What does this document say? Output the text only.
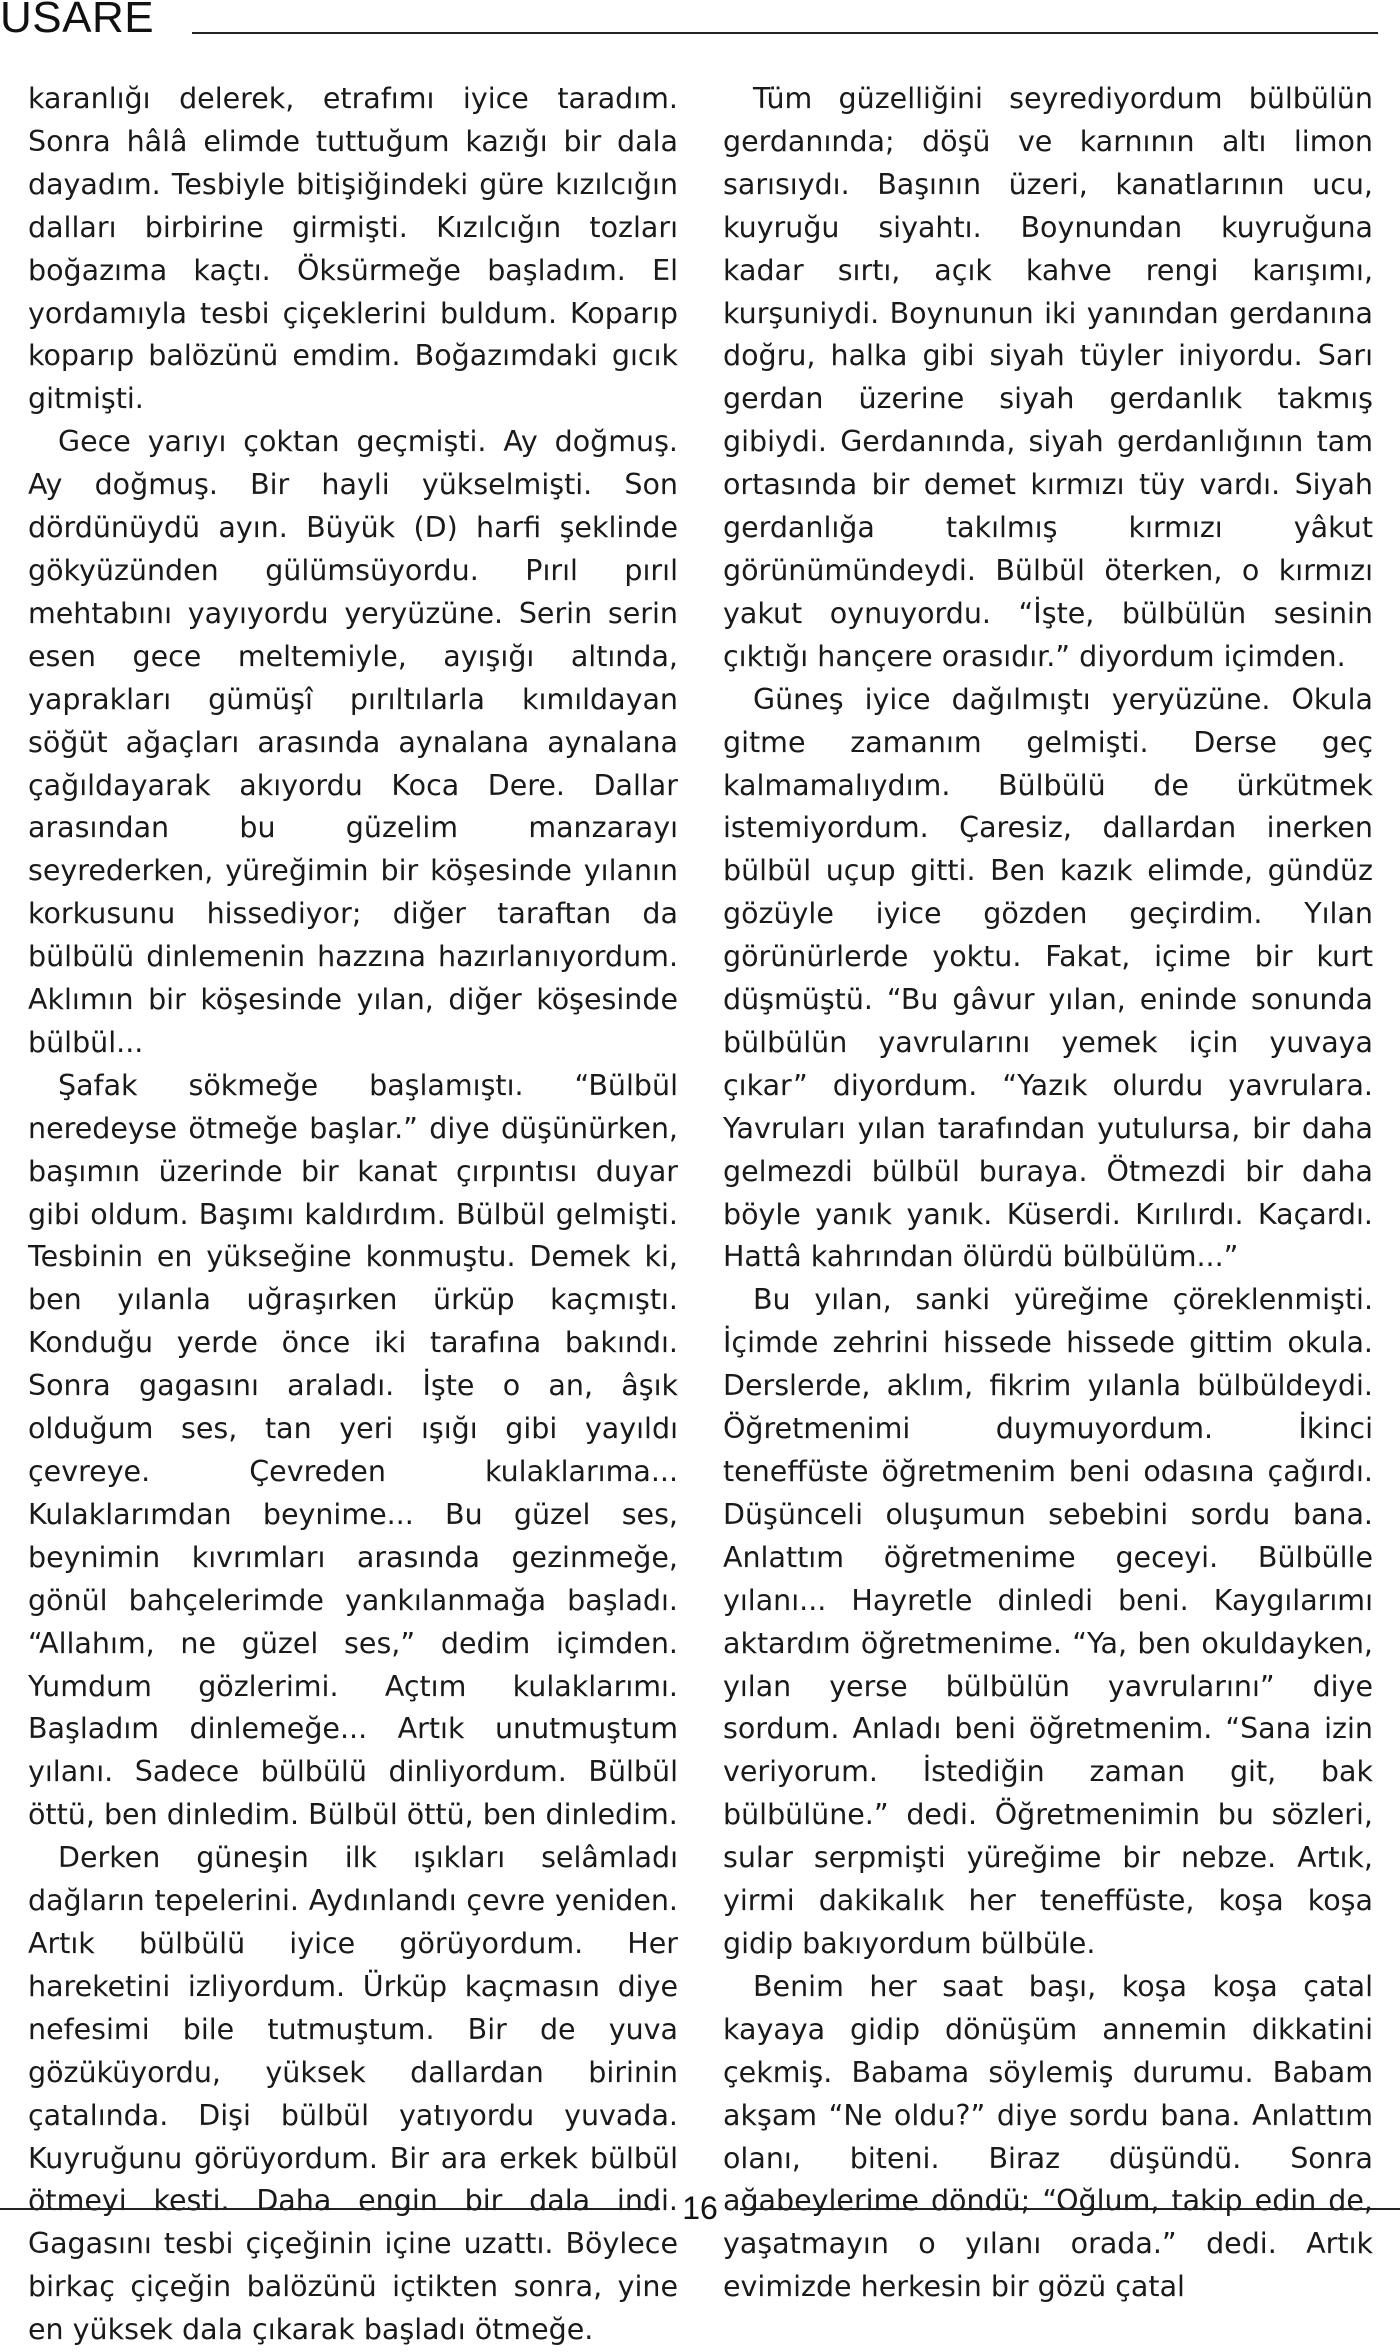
USARE

karanlığı delerek, etrafımı iyice taradım. Sonra hâlâ elimde tuttuğum kazığı bir dala dayadım. Tesbiyle bitişiğindeki güre kızılcığın dalları birbirine girmişti. Kızılcığın tozları boğazıma kaçtı. Öksürmeğe başladım. El yordamıyla tesbi çiçeklerini buldum. Koparıp koparıp balözünü emdim. Boğazımdaki gıcık gitmişti.

Gece yarıyı çoktan geçmişti. Ay doğmuş. Ay doğmuş. Bir hayli yükselmişti. Son dördünüydü ayın. Büyük (D) harfi şeklinde gökyüzünden gülümsüyordu. Pırıl pırıl mehtabını yayıyordu yeryüzüne. Serin serin esen gece meltemiyle, ayışığı altında, yaprakları gümüşî pırıltılarla kımıldayan söğüt ağaçları arasında aynalana aynalana çağıldayarak akıyordu Koca Dere. Dallar arasından bu güzelim manzarayı seyrederken, yüreğimin bir köşesinde yılanın korkusunu hissediyor; diğer taraftan da bülbülü dinlemenin hazzına hazırlanıyordum. Aklımın bir köşesinde yılan, diğer köşesinde bülbül...

Şafak sökmeğe başlamıştı. “Bülbül neredeyse ötmeğe başlar.” diye düşünürken, başımın üzerinde bir kanat çırpıntısı duyar gibi oldum. Başımı kaldırdım. Bülbül gelmişti. Tesbinin en yükseğine konmuştu. Demek ki, ben yılanla uğraşırken ürküp kaçmıştı. Konduğu yerde önce iki tarafına bakındı. Sonra gagasını araladı. İşte o an, âşık olduğum ses, tan yeri ışığı gibi yayıldı çevreye. Çevreden kulaklarıma... Kulaklarımdan beynime... Bu güzel ses, beynimin kıvrımları arasında gezinmeğe, gönül bahçelerimde yankılanmağa başladı. “Allahım, ne güzel ses,” dedim içimden. Yumdum gözlerimi. Açtım kulaklarımı. Başladım dinlemeğe... Artık unutmuştum yılanı. Sadece bülbülü dinliyordum. Bülbül öttü, ben dinledim. Bülbül öttü, ben dinledim.

Derken güneşin ilk ışıkları selâmladı dağların tepelerini. Aydınlandı çevre yeniden. Artık bülbülü iyice görüyordum. Her hareketini izliyordum. Ürküp kaçmasın diye nefesimi bile tutmuştum. Bir de yuva gözüküyordu, yüksek dallardan birinin çatalında. Dişi bülbül yatıyordu yuvada. Kuyruğunu görüyordum. Bir ara erkek bülbül ötmeyi kesti. Daha engin bir dala indi. Gagasını tesbi çiçeğinin içine uzattı. Böylece birkaç çiçeğin balözünü içtikten sonra, yine en yüksek dala çıkarak başladı ötmeğe.

Tüm güzelliğini seyrediyordum bülbülün gerdanında; döşü ve karnının altı limon sarısıydı. Başının üzeri, kanatlarının ucu, kuyruğu siyahtı. Boynundan kuyruğuna kadar sırtı, açık kahve rengi karışımı, kurşuniydi. Boynunun iki yanından gerdanına doğru, halka gibi siyah tüyler iniyordu. Sarı gerdan üzerine siyah gerdanlık takmış gibiydi. Gerdanında, siyah gerdanlığının tam ortasında bir demet kırmızı tüy vardı. Siyah gerdanlığa takılmış kırmızı yâkut görünümündeydi. Bülbül öterken, o kırmızı yakut oynuyordu. “İşte, bülbülün sesinin çıktığı hançere orasıdır.” diyordum içimden.

Güneş iyice dağılmıştı yeryüzüne. Okula gitme zamanım gelmişti. Derse geç kalmamalıydım. Bülbülü de ürkütmek istemiyordum. Çaresiz, dallardan inerken bülbül uçup gitti. Ben kazık elimde, gündüz gözüyle iyice gözden geçirdim. Yılan görünürlerde yoktu. Fakat, içime bir kurt düşmüştü. “Bu gâvur yılan, eninde sonunda bülbülün yavrularını yemek için yuvaya çıkar” diyordum. “Yazık olurdu yavrulara. Yavruları yılan tarafından yutulursa, bir daha gelmezdi bülbül buraya. Ötmezdi bir daha böyle yanık yanık. Küserdi. Kırılırdı. Kaçardı. Hattâ kahrından ölürdü bülbülüm...”

Bu yılan, sanki yüreğime çöreklenmişti. İçimde zehrini hissede hissede gittim okula. Derslerde, aklım, fikrim yılanla bülbüldeydi. Öğretmenimi duymuyordum. İkinci teneffüste öğretmenim beni odasına çağırdı. Düşünceli oluşumun sebebini sordu bana. Anlattım öğretmenime geceyi. Bülbülle yılanı... Hayretle dinledi beni. Kaygılarımı aktardım öğretmenime. “Ya, ben okuldayken, yılan yerse bülbülün yavrularını” diye sordum. Anladı beni öğretmenim. “Sana izin veriyorum. İstediğin zaman git, bak bülbülüne.” dedi. Öğretmenimin bu sözleri, sular serpmişti yüreğime bir nebze. Artık, yirmi dakikalık her teneffüste, koşa koşa gidip bakıyordum bülbüle.

Benim her saat başı, koşa koşa çatal kayaya gidip dönüşüm annemin dikkatini çekmiş. Babama söylemiş durumu. Babam akşam “Ne oldu?” diye sordu bana. Anlattım olanı, biteni. Biraz düşündü. Sonra ağabeylerime döndü; “Oğlum, takip edin de, yaşatmayın o yılanı orada.” dedi. Artık evimizde herkesin bir gözü çatal

16
